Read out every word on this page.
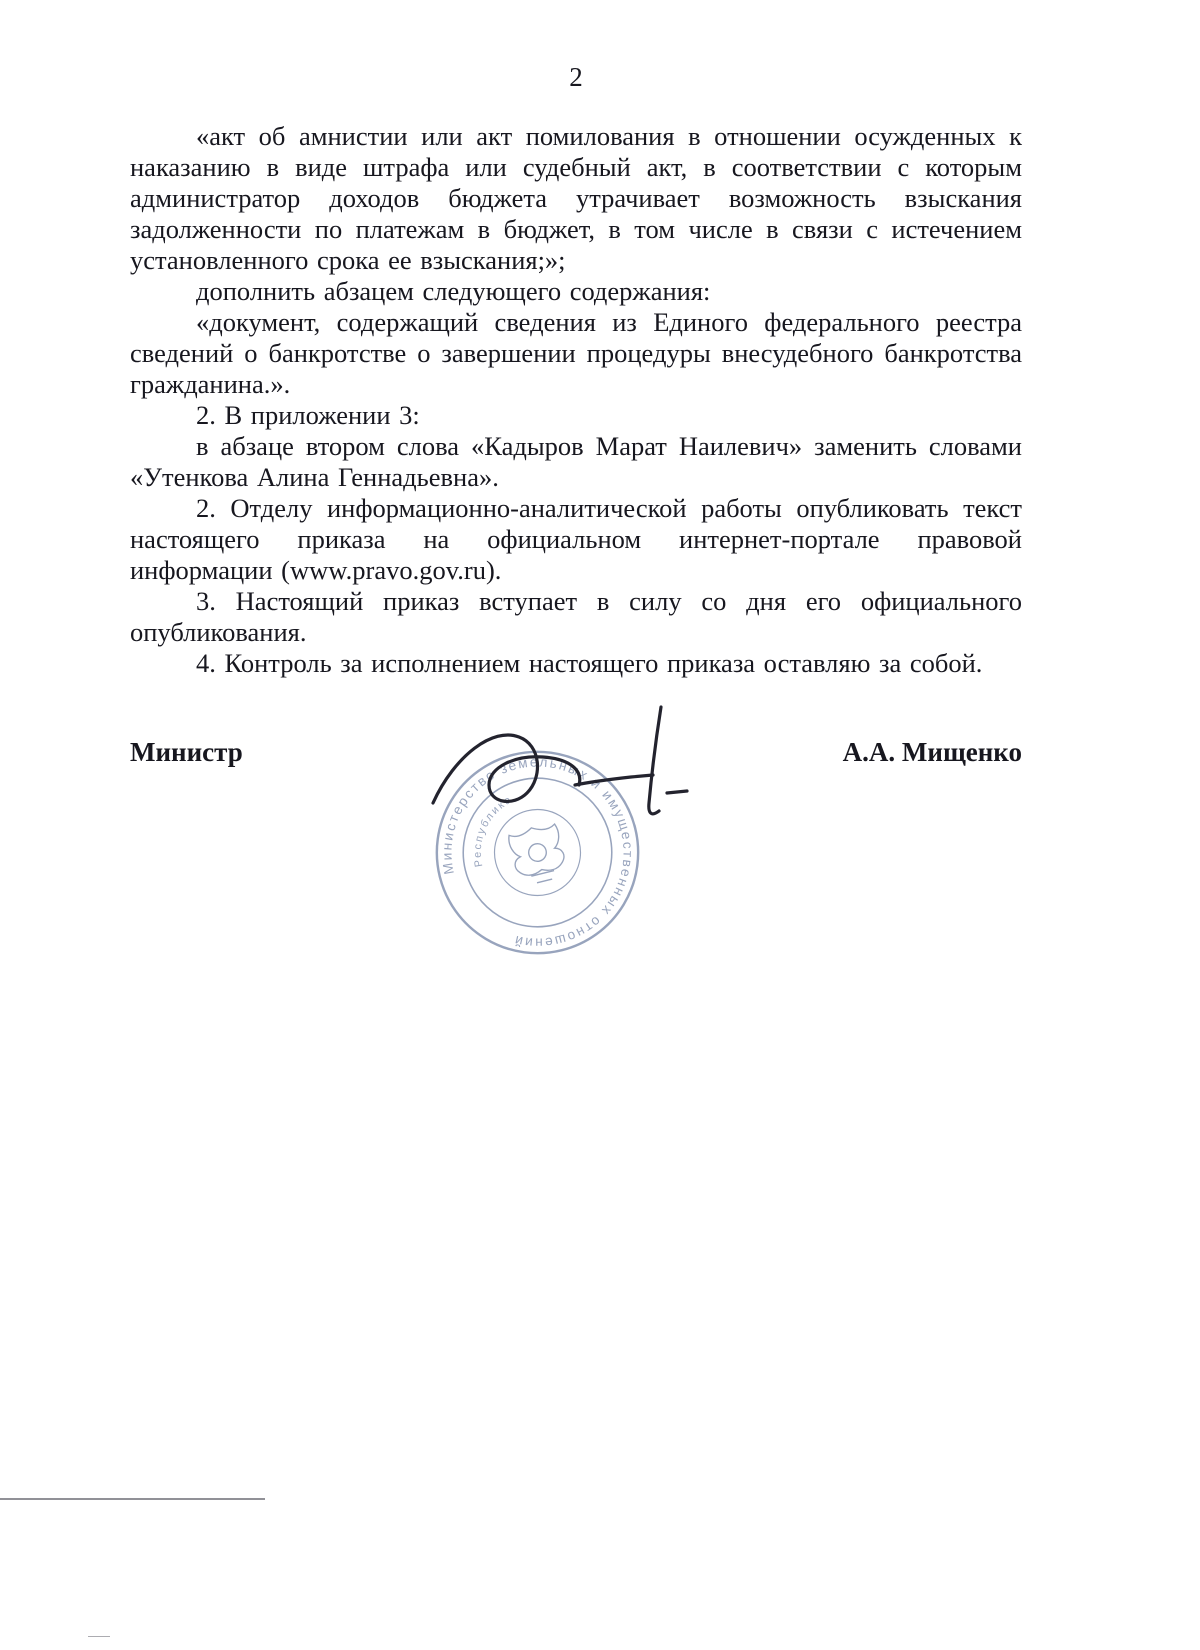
2

«акт об амнистии или акт помилования в отношении осужденных к наказанию в виде штрафа или судебный акт, в соответствии с которым администратор доходов бюджета утрачивает возможность взыскания задолженности по платежам в бюджет, в том числе в связи с истечением установленного срока ее взыскания;»;

дополнить абзацем следующего содержания:

«документ, содержащий сведения из Единого федерального реестра сведений о банкротстве о завершении процедуры внесудебного банкротства гражданина.».

2. В приложении 3:

в абзаце втором слова «Кадыров Марат Наилевич» заменить словами «Утенкова Алина Геннадьевна».

2. Отделу информационно-аналитической работы опубликовать текст настоящего приказа на официальном интернет-портале правовой информации (www.pravo.gov.ru).

3. Настоящий приказ вступает в силу со дня его официального опубликования.

4. Контроль за исполнением настоящего приказа оставляю за собой.

Министр	А.А. Мищенко
Министерство земельных и имущественных отношений
Республика
